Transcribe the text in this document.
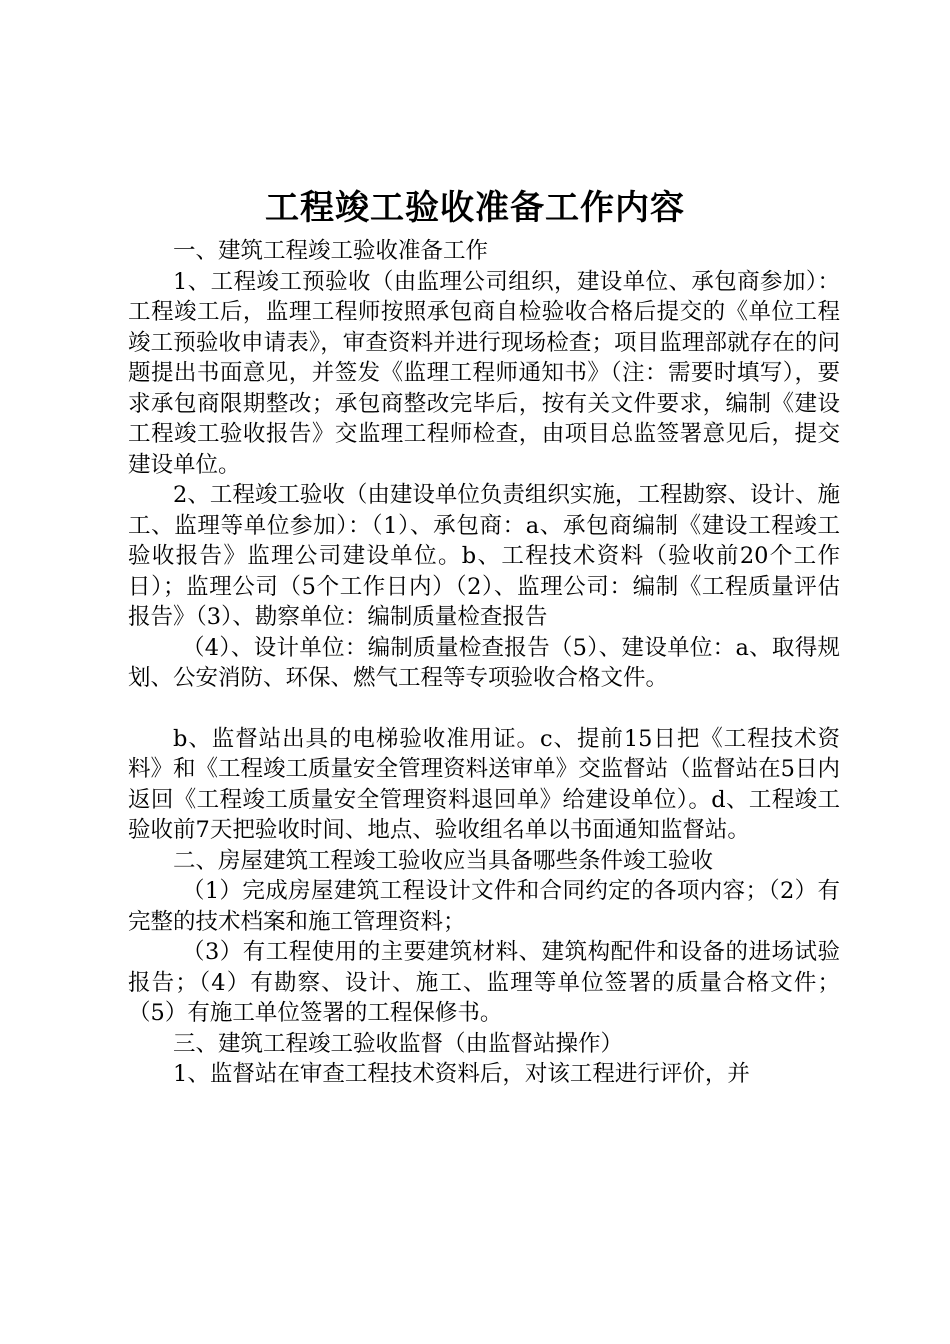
工程竣工验收准备工作内容

一、建筑工程竣工验收准备工作

1、工程竣工预验收（由监理公司组织，建设单位、承包商参加）：工程竣工后，监理工程师按照承包商自检验收合格后提交的《单位工程竣工预验收申请表》，审查资料并进行现场检查；项目监理部就存在的问题提出书面意见，并签发《监理工程师通知书》（注：需要时填写），要求承包商限期整改；承包商整改完毕后，按有关文件要求，编制《建设工程竣工验收报告》交监理工程师检查，由项目总监签署意见后，提交建设单位。

2、工程竣工验收（由建设单位负责组织实施，工程勘察、设计、施工、监理等单位参加）：（1）、承包商：a、承包商编制《建设工程竣工验收报告》监理公司建设单位。b、工程技术资料（验收前20个工作日）；监理公司（5个工作日内）（2）、监理公司：编制《工程质量评估报告》（3）、勘察单位：编制质量检查报告

（4）、设计单位：编制质量检查报告（5）、建设单位：a、取得规划、公安消防、环保、燃气工程等专项验收合格文件。

b、监督站出具的电梯验收准用证。c、提前15日把《工程技术资料》和《工程竣工质量安全管理资料送审单》交监督站（监督站在5日内返回《工程竣工质量安全管理资料退回单》给建设单位）。d、工程竣工验收前7天把验收时间、地点、验收组名单以书面通知监督站。

二、房屋建筑工程竣工验收应当具备哪些条件竣工验收

（1）完成房屋建筑工程设计文件和合同约定的各项内容；（2）有完整的技术档案和施工管理资料；

（3）有工程使用的主要建筑材料、建筑构配件和设备的进场试验报告；（4）有勘察、设计、施工、监理等单位签署的质量合格文件；（5）有施工单位签署的工程保修书。

三、建筑工程竣工验收监督（由监督站操作）

1、监督站在审查工程技术资料后，对该工程进行评价，并
